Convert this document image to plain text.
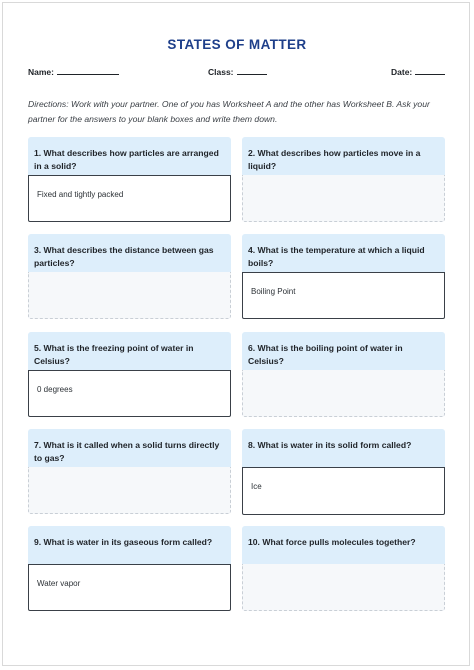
STATES OF MATTER
Name:	Class:	Date:
Directions: Work with your partner. One of you has Worksheet A and the other has Worksheet B. Ask your partner for the answers to your blank boxes and write them down.
1. What describes how particles are arranged in a solid?
Fixed and tightly packed
2. What describes how particles move in a liquid?
3. What describes the distance between gas particles?
4. What is the temperature at which a liquid boils?
Boiling Point
5. What is the freezing point of water in Celsius?
0 degrees
6. What is the boiling point of water in Celsius?
7. What is it called when a solid turns directly to gas?
8. What is water in its solid form called?
Ice
9. What is water in its gaseous form called?
Water vapor
10. What force pulls molecules together?
